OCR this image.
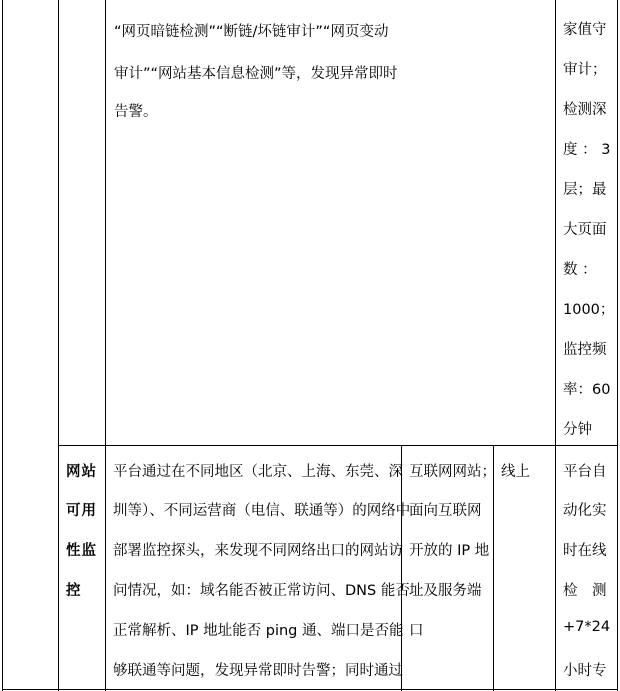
“网页暗链检测”“断链/坏链审计”“网页变动
审计”“网站基本信息检测”等，发现异常即时
告警。
家值守
审计；
检测深
度 ： 3
层；最
大页面
数 ：
1000；
监控频
率：60
分钟
网站
可用
性监
控
平台通过在不同地区（北京、上海、东莞、深
圳等）、不同运营商（电信、联通等）的网络中
部署监控探头，来发现不同网络出口的网站访
问情况，如：域名能否被正常访问、DNS 能否
正常解析、IP 地址能否 ping 通、端口是否能
够联通等问题，发现异常即时告警；同时通过
互联网网站；
面向互联网
开放的 IP 地
址及服务端
口
线上 平台自
动化实
时在线
检　测
+7*24
小时专
